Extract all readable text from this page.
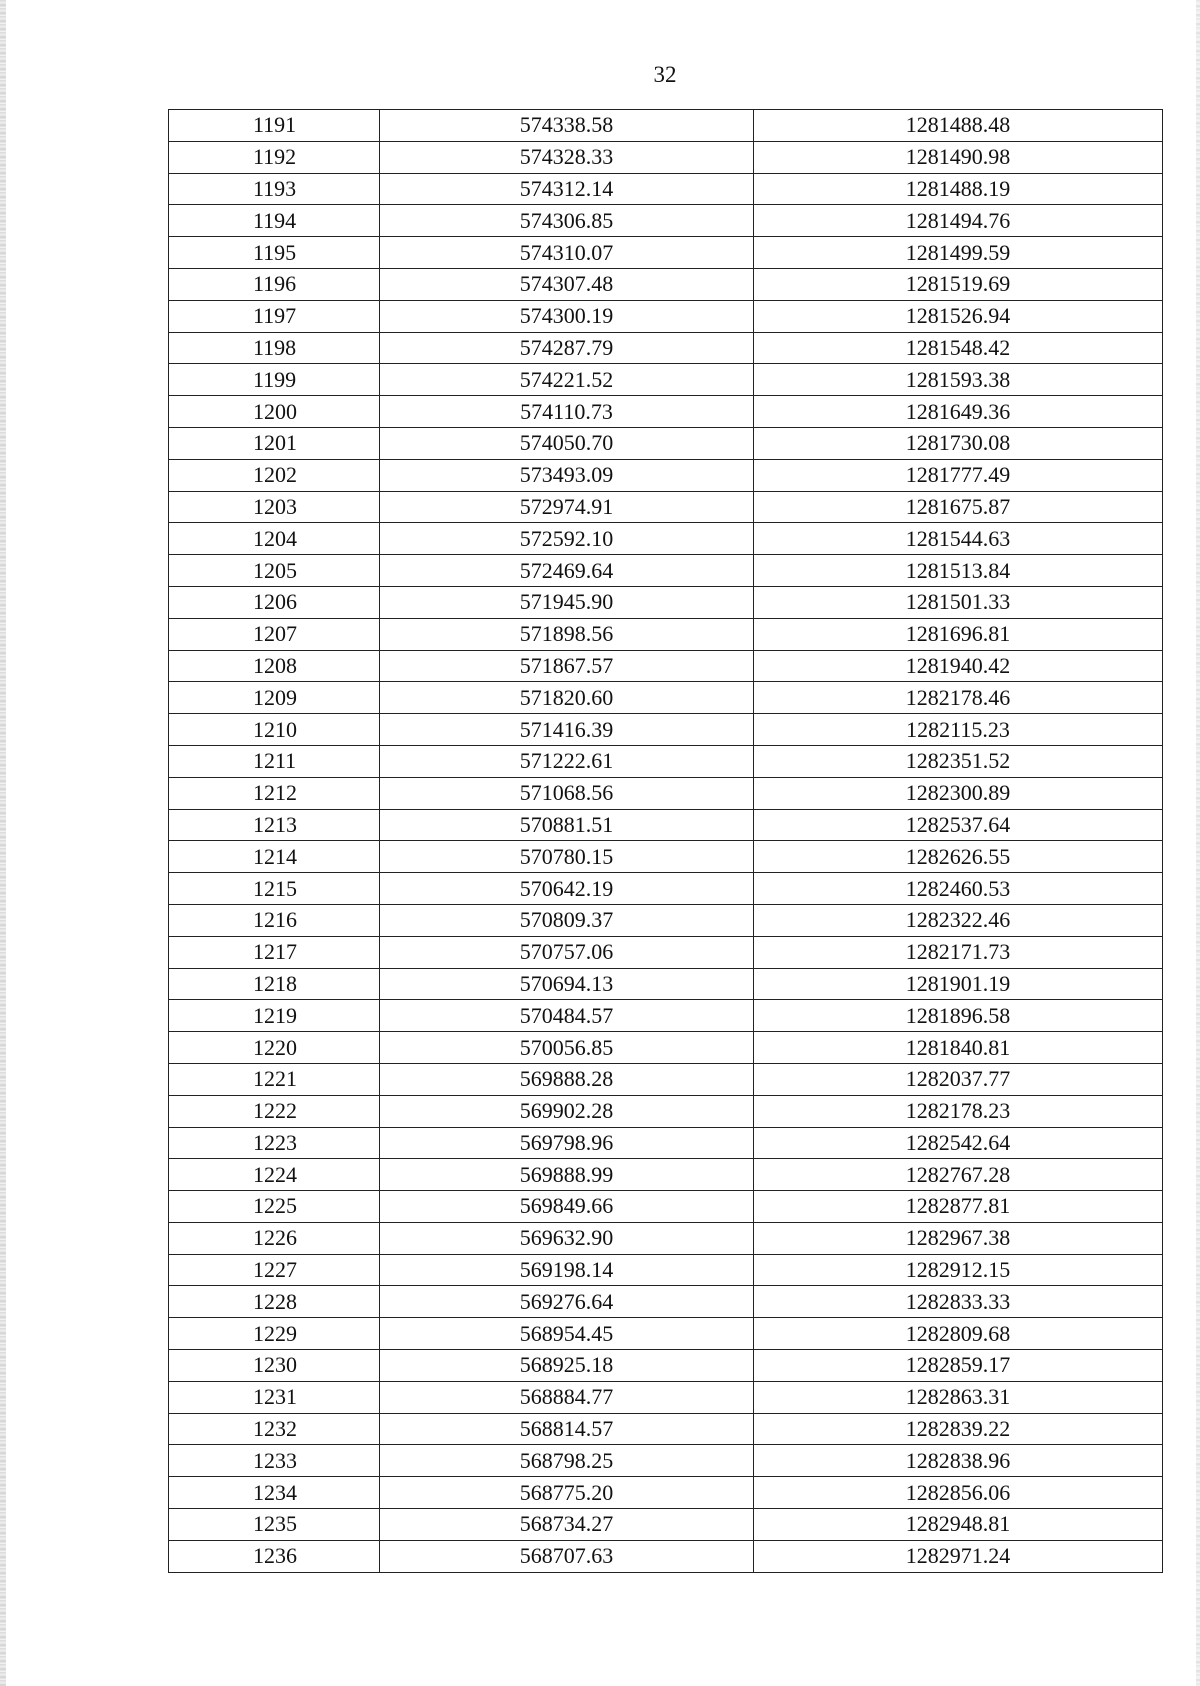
32
1191	574338.58	1281488.48
1192	574328.33	1281490.98
1193	574312.14	1281488.19
1194	574306.85	1281494.76
1195	574310.07	1281499.59
1196	574307.48	1281519.69
1197	574300.19	1281526.94
1198	574287.79	1281548.42
1199	574221.52	1281593.38
1200	574110.73	1281649.36
1201	574050.70	1281730.08
1202	573493.09	1281777.49
1203	572974.91	1281675.87
1204	572592.10	1281544.63
1205	572469.64	1281513.84
1206	571945.90	1281501.33
1207	571898.56	1281696.81
1208	571867.57	1281940.42
1209	571820.60	1282178.46
1210	571416.39	1282115.23
1211	571222.61	1282351.52
1212	571068.56	1282300.89
1213	570881.51	1282537.64
1214	570780.15	1282626.55
1215	570642.19	1282460.53
1216	570809.37	1282322.46
1217	570757.06	1282171.73
1218	570694.13	1281901.19
1219	570484.57	1281896.58
1220	570056.85	1281840.81
1221	569888.28	1282037.77
1222	569902.28	1282178.23
1223	569798.96	1282542.64
1224	569888.99	1282767.28
1225	569849.66	1282877.81
1226	569632.90	1282967.38
1227	569198.14	1282912.15
1228	569276.64	1282833.33
1229	568954.45	1282809.68
1230	568925.18	1282859.17
1231	568884.77	1282863.31
1232	568814.57	1282839.22
1233	568798.25	1282838.96
1234	568775.20	1282856.06
1235	568734.27	1282948.81
1236	568707.63	1282971.24
